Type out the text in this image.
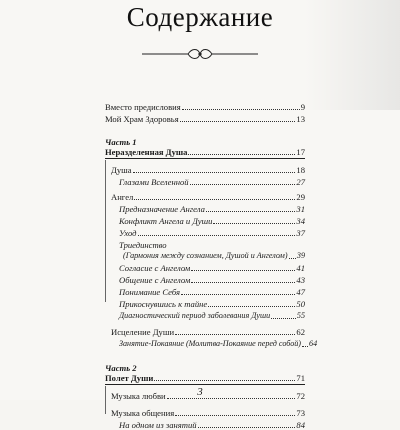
Содержание
Вместо предисловия	9
Мой Храм Здоровья	13
Часть 1
Неразделенная Душа	17
Душа	18
Глазами Вселенной	27
Ангел	29
Предназначение Ангела	31
Конфликт Ангела и Души	34
Уход	37
Триединство
(Гармония между сознанием, Душой и Ангелом) 39
Согласие с Ангелом	41
Общение с Ангелом	43
Понимание Себя	47
Прикоснувшись к тайне	50
Диагностический период заболевания Души	55
Исцеление Души	62
Занятие-Покаяние (Молитва-Покаяние перед собой) 64
Часть 2
Полет Души	71
Музыка любви	72
Музыка общения	73
На одном из занятий	84
3
